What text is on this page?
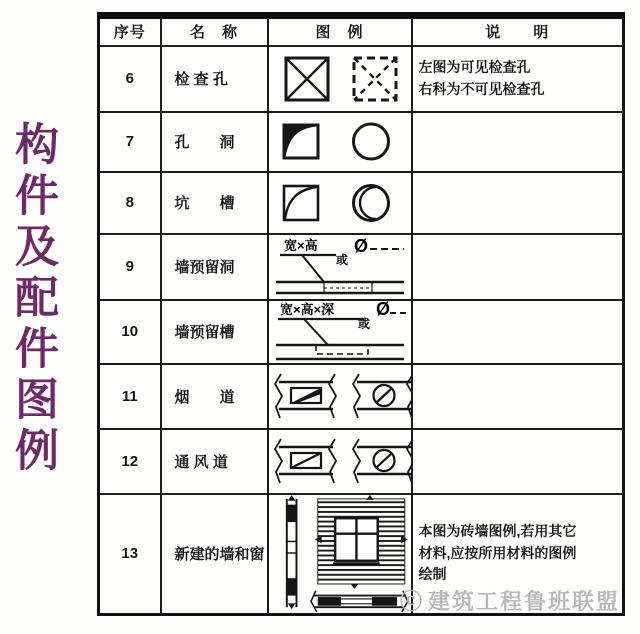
构件及配件图例
序号	名　称	图　例	说　　明
6	检 查 孔		左图为可见检查孔
右科为不可见检查孔

7	孔　　洞	

8	坑　　槽	

9	墙预留洞	宽×高
或
Ø	

10	墙预留槽	宽×高×深
或
Ø	

11	烟　　道	

12	通 风 道	

13	新建的墙和窗		本图为砖墙图例,若用其它
材料,应按所用材料的图例
绘制
ⓒ 建筑工程鲁班联盟
